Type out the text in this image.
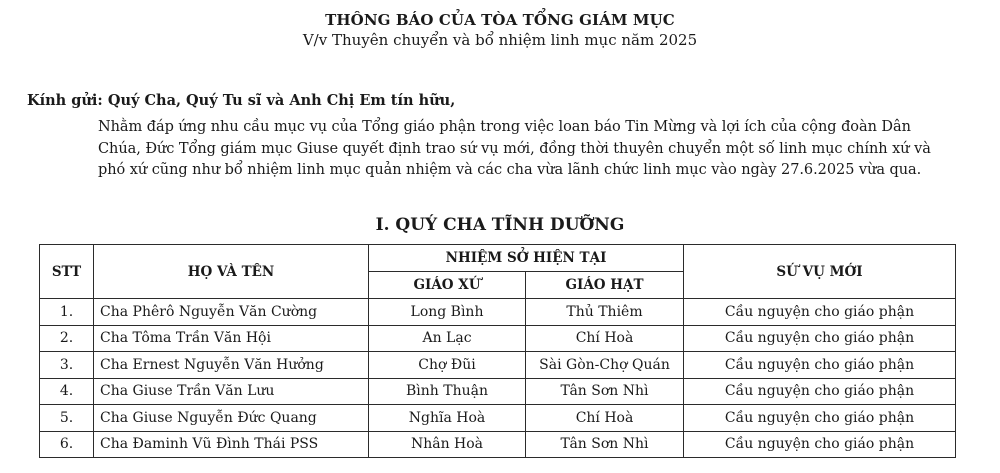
THÔNG BÁO CỦA TÒA TỔNG GIÁM MỤC
V/v Thuyên chuyển và bổ nhiệm linh mục năm 2025
Kính gửi: Quý Cha, Quý Tu sĩ và Anh Chị Em tín hữu,
Nhằm đáp ứng nhu cầu mục vụ của Tổng giáo phận trong việc loan báo Tin Mừng và lợi ích của cộng đoàn Dân Chúa, Đức Tổng giám mục Giuse quyết định trao sứ vụ mới, đồng thời thuyên chuyển một số linh mục chính xứ và phó xứ cũng như bổ nhiệm linh mục quản nhiệm và các cha vừa lãnh chức linh mục vào ngày 27.6.2025 vừa qua.
I. QUÝ CHA TĨNH DƯỠNG
STT	HỌ VÀ TÊN	NHIỆM SỞ HIỆN TẠI		SỨ VỤ MỚI
		GIÁO XỨ	GIÁO HẠT	
1.	Cha Phêrô Nguyễn Văn Cường	Long Bình	Thủ Thiêm	Cầu nguyện cho giáo phận
2.	Cha Tôma Trần Văn Hội	An Lạc	Chí Hoà	Cầu nguyện cho giáo phận
3.	Cha Ernest Nguyễn Văn Hưởng	Chợ Đũi	Sài Gòn-Chợ Quán	Cầu nguyện cho giáo phận
4.	Cha Giuse Trần Văn Lưu	Bình Thuận	Tân Sơn Nhì	Cầu nguyện cho giáo phận
5.	Cha Giuse Nguyễn Đức Quang	Nghĩa Hoà	Chí Hoà	Cầu nguyện cho giáo phận
6.	Cha Đaminh Vũ Đình Thái PSS	Nhân Hoà	Tân Sơn Nhì	Cầu nguyện cho giáo phận
